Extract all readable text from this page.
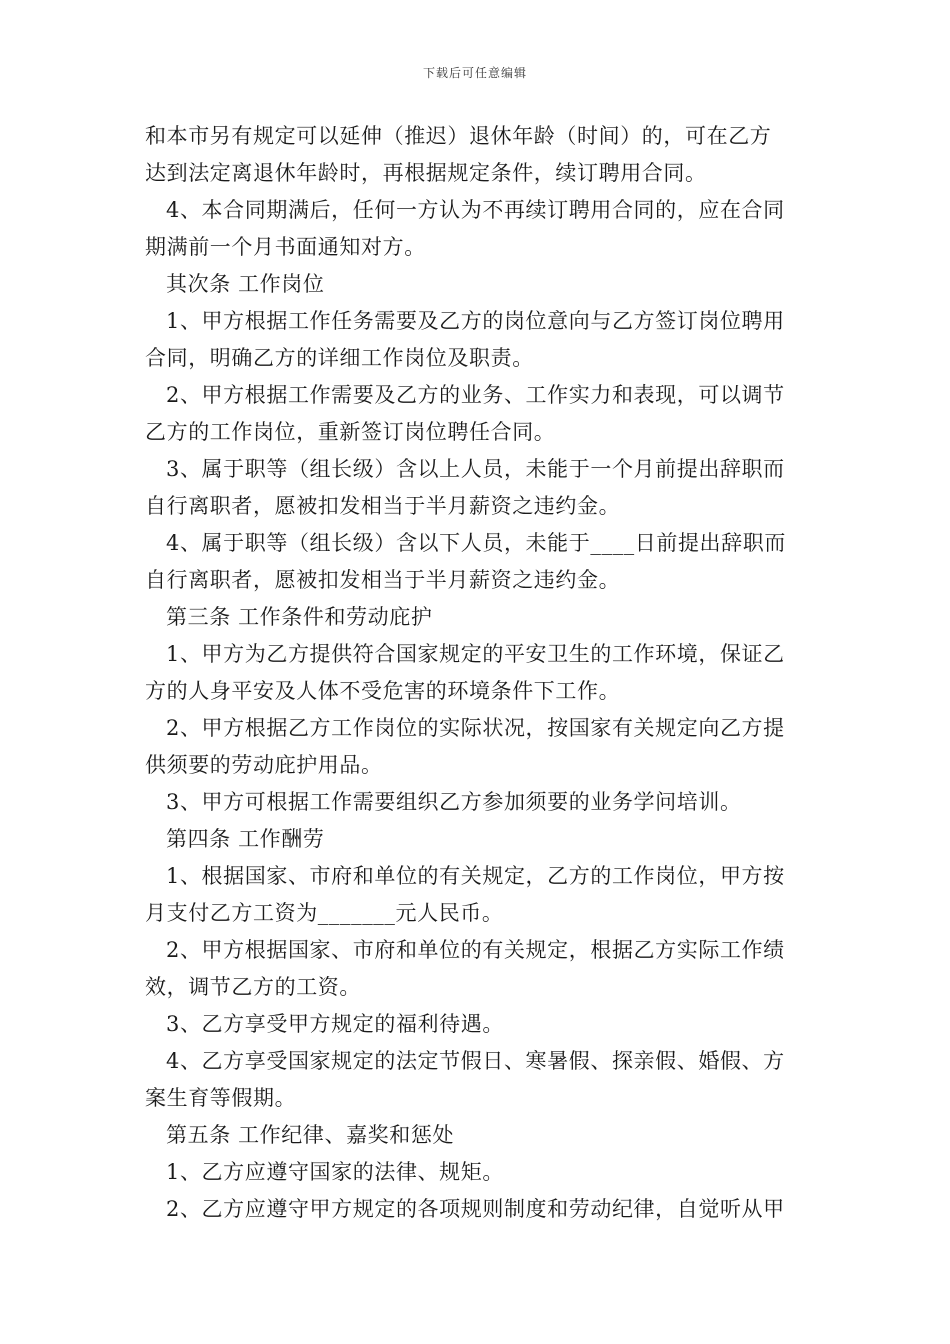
下载后可任意编辑
和本市另有规定可以延伸（推迟）退休年龄（时间）的，可在乙方
达到法定离退休年龄时，再根据规定条件，续订聘用合同。
4、本合同期满后，任何一方认为不再续订聘用合同的，应在合同
期满前一个月书面通知对方。
其次条 工作岗位
1、甲方根据工作任务需要及乙方的岗位意向与乙方签订岗位聘用
合同，明确乙方的详细工作岗位及职责。
2、甲方根据工作需要及乙方的业务、工作实力和表现，可以调节
乙方的工作岗位，重新签订岗位聘任合同。
3、属于职等（组长级）含以上人员，未能于一个月前提出辞职而
自行离职者，愿被扣发相当于半月薪资之违约金。
4、属于职等（组长级）含以下人员，未能于____日前提出辞职而
自行离职者，愿被扣发相当于半月薪资之违约金。
第三条 工作条件和劳动庇护
1、甲方为乙方提供符合国家规定的平安卫生的工作环境，保证乙
方的人身平安及人体不受危害的环境条件下工作。
2、甲方根据乙方工作岗位的实际状况，按国家有关规定向乙方提
供须要的劳动庇护用品。
3、甲方可根据工作需要组织乙方参加须要的业务学问培训。
第四条 工作酬劳
1、根据国家、市府和单位的有关规定，乙方的工作岗位，甲方按
月支付乙方工资为_______元人民币。
2、甲方根据国家、市府和单位的有关规定，根据乙方实际工作绩
效，调节乙方的工资。
3、乙方享受甲方规定的福利待遇。
4、乙方享受国家规定的法定节假日、寒暑假、探亲假、婚假、方
案生育等假期。
第五条 工作纪律、嘉奖和惩处
1、乙方应遵守国家的法律、规矩。
2、乙方应遵守甲方规定的各项规则制度和劳动纪律，自觉听从甲
